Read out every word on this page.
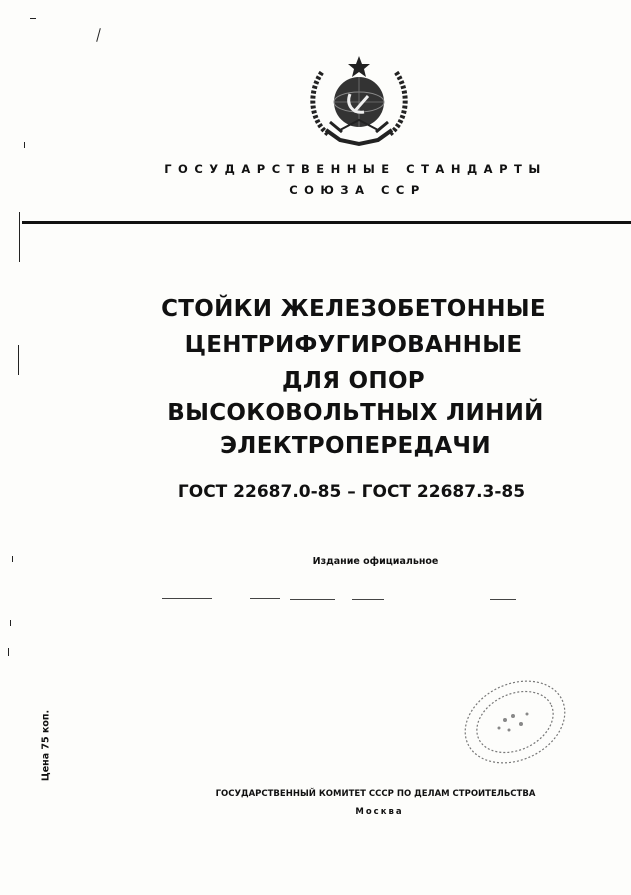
ГОСУДАРСТВЕННЫЕ СТАНДАРТЫ
СОЮЗА ССР
СТОЙКИ ЖЕЛЕЗОБЕТОННЫЕ
ЦЕНТРИФУГИРОВАННЫЕ
ДЛЯ ОПОР
ВЫСОКОВОЛЬТНЫХ ЛИНИЙ
ЭЛЕКТРОПЕРЕДАЧИ
ГОСТ 22687.0-85 – ГОСТ 22687.3-85
Издание официальное
Цена 75 коп.
ГОСУДАРСТВЕННЫЙ КОМИТЕТ СССР ПО ДЕЛАМ СТРОИТЕЛЬСТВА
Москва
